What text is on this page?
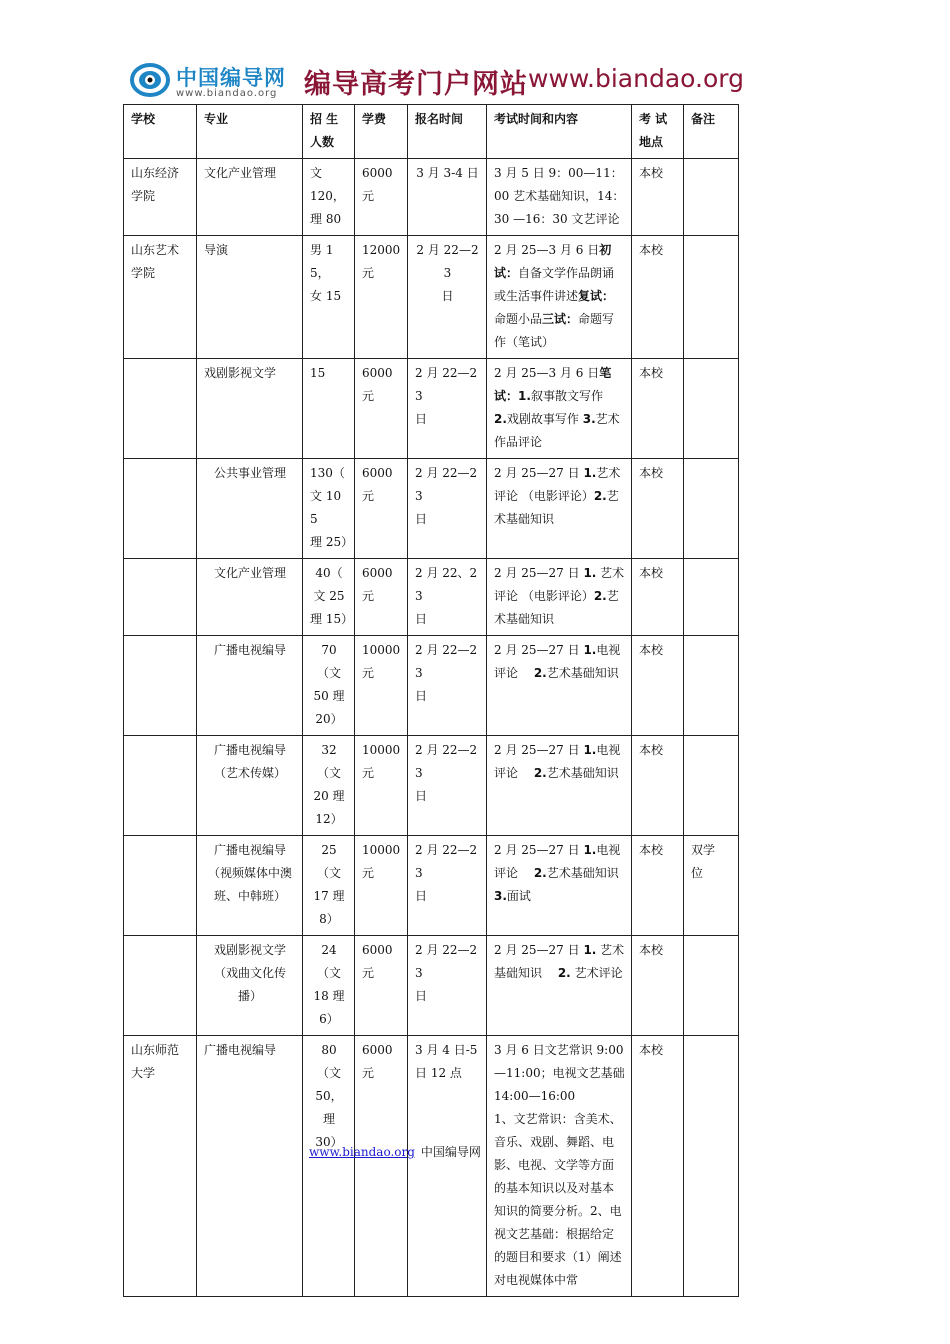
中国编导网
www.biandao.org 编导高考门户网站 www.biandao.org
学校	专业	招 生
人数	学费	报名时间	考试时间和内容	考 试
地点	备注
山东经济
学院	文化产业管理	文
120，
理 80	6000
元	3 月 3-4 日	3 月 5 日 9：00—11：00 艺术基础知识，14：30 —16：30 文艺评论	本校	
山东艺术
学院	导演	男 15，
女 15	12000
元	2 月 22—23
日	2 月 25—3 月 6 日初试：自备文学作品朗诵或生活事件讲述复试：命题小品三试：命题写作（笔试）	本校	
	戏剧影视文学	15	6000
元	2 月 22—23
日	2 月 25—3 月 6 日笔试：1.叙事散文写作　2.戏剧故事写作 3.艺术作品评论	本校	
	公共事业管理	130（
文 105
理 25）	6000
元	2 月 22—23
日	2 月 25—27 日 1.艺术评论 （电影评论）2.艺术基础知识	本校	
	文化产业管理	40（
文 25
理 15）	6000
元	2 月 22、23
日	2 月 25—27 日 1. 艺术评论 （电影评论）2.艺术基础知识	本校	
	广播电视编导	70（文
50 理
20）	10000
元	2 月 22—23
日	2 月 25—27 日 1.电视评论　 2.艺术基础知识	本校	
	广播电视编导
（艺术传媒）	32（文
20 理
12）	10000
元	2 月 22—23
日	2 月 25—27 日 1.电视评论　 2.艺术基础知识	本校	
	广播电视编导
（视频媒体中澳
班、中韩班）	25（文
17 理
8）	10000
元	2 月 22—23
日	2 月 25—27 日 1.电视评论　 2.艺术基础知识3.面试	本校	双学
位
	戏剧影视文学
（戏曲文化传
播）	24（文
18 理
6）	6000
元	2 月 22—23
日	2 月 25—27 日 1. 艺术基础知识 　2. 艺术评论	本校	
山东师范
大学	广播电视编导	80（文
50，理
30）	6000
元	3 月 4 日-5
日 12 点	3 月 6 日文艺常识 9:00—11:00；电视文艺基础 14:00—16:00
1、文艺常识：含美术、音乐、戏剧、舞蹈、电影、电视、文学等方面的基本知识以及对基本知识的简要分析。2、电视文艺基础：根据给定的题目和要求（1）阐述对电视媒体中常	本校	
www.biandao.org 中国编导网
